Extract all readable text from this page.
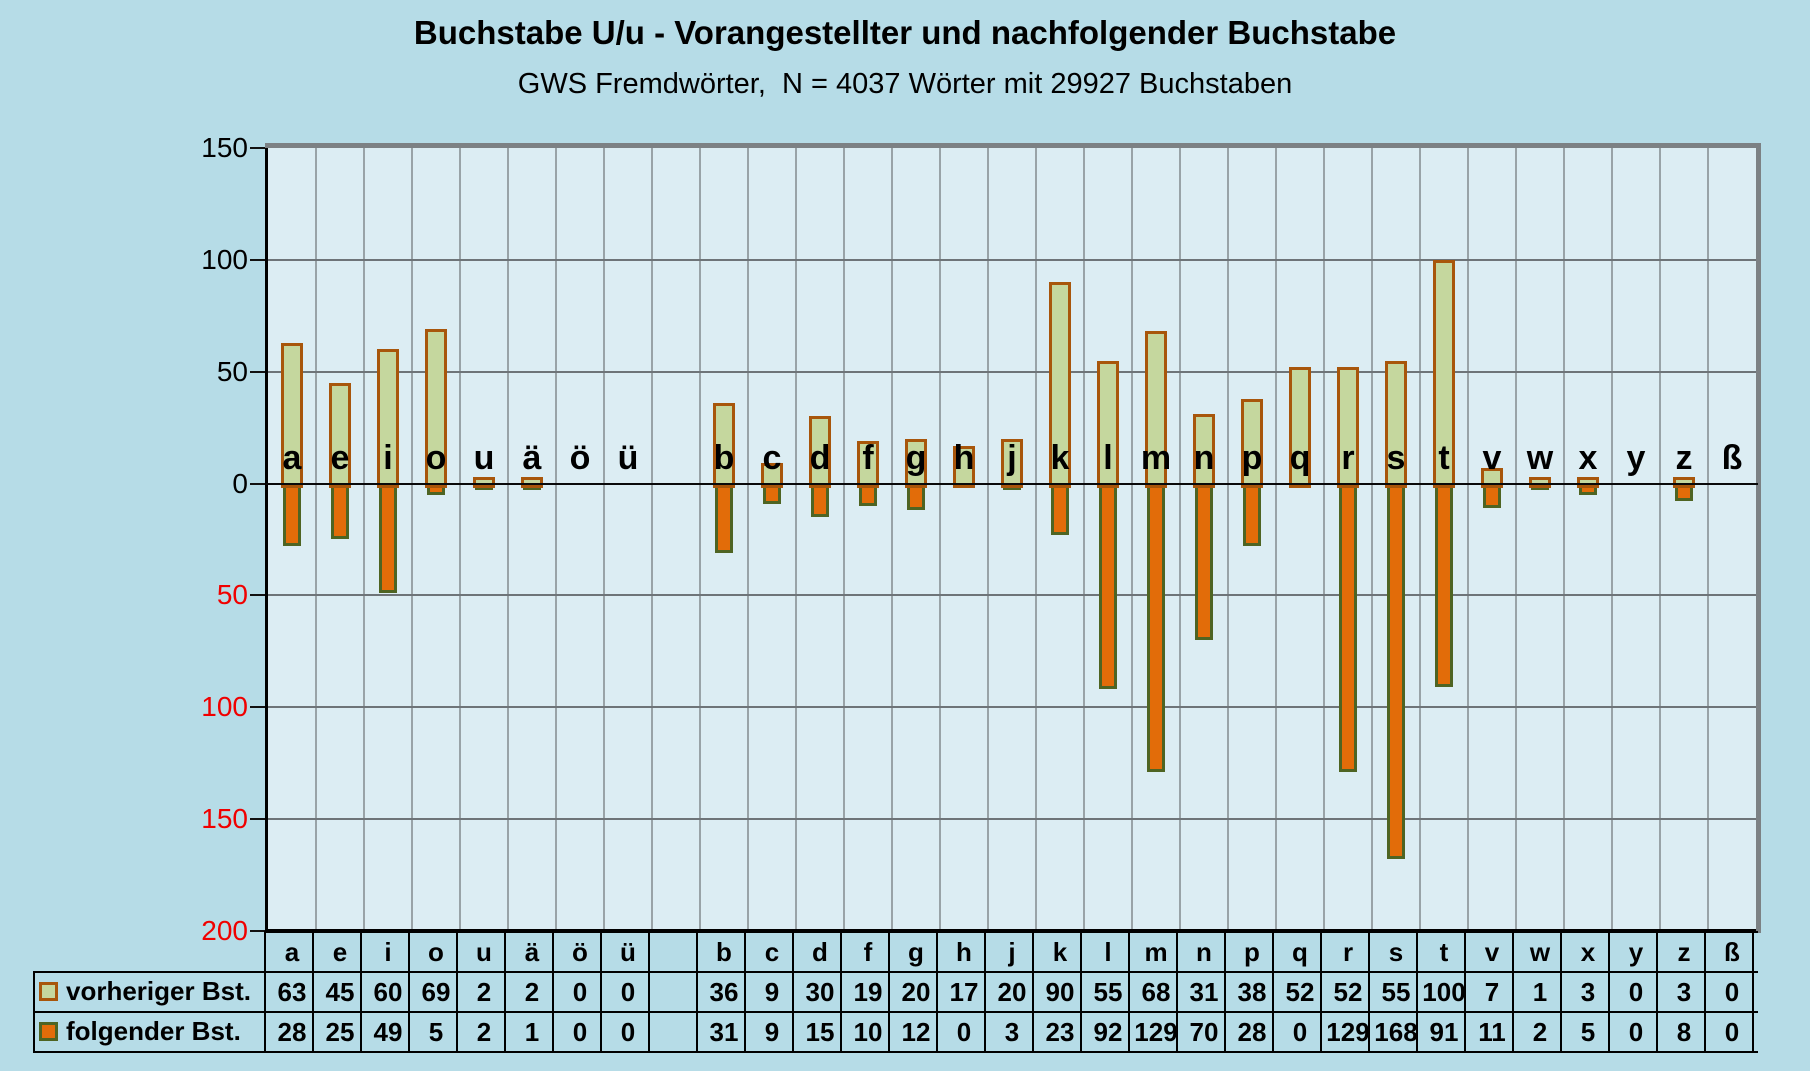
Buchstabe U/u - Vorangestellter und nachfolgender Buchstabe
GWS Fremdwörter,  N = 4037 Wörter mit 29927 Buchstaben
a e i o u ä ö ü	b c d f g h j k l m n p q r s t v w x y z ß
150
100
50
0
50
100
150
200
a	e	i	o	u	ä	ö	ü	b	c	d	f	g	h	j	k	l	m	n	p	q	r	s	t	v	w	x	y	z	ß
63 45 60 69	2	2	0	0	36	9	30 19 20 17 20 90 55 68 31 38 52 52 55 100 7	1	3	0	3	0
vorheriger Bst.
28 25 49	5	2	1	0	0	31	9	15 10 12	0	3	23 92 129 70 28	0 129 168 91 11	2	5	0	8	0
folgender Bst.
